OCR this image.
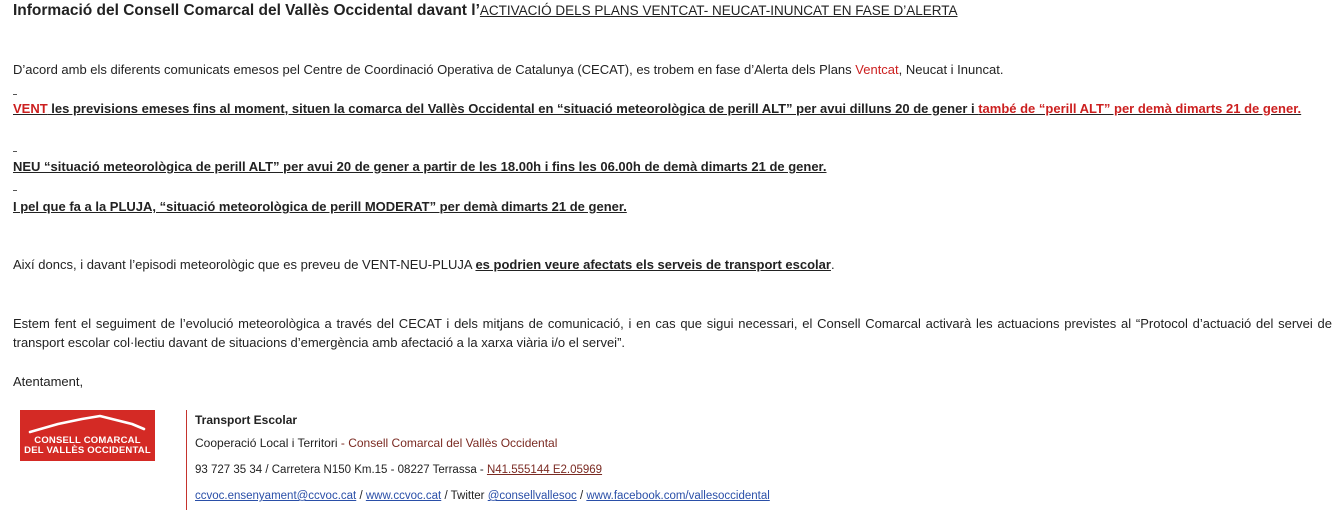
Informació del Consell Comarcal del Vallès Occidental davant l’ACTIVACIÓ DELS PLANS VENTCAT- NEUCAT-INUNCAT EN FASE D’ALERTA
D’acord amb els diferents comunicats emesos pel Centre de Coordinació Operativa de Catalunya (CECAT), es trobem en fase d’Alerta dels Plans Ventcat, Neucat i Inuncat.
VENT les previsions emeses fins al moment, situen la comarca del Vallès Occidental en “situació meteorològica de perill ALT” per avui dilluns 20 de gener i també de “perill ALT” per demà dimarts 21 de gener.
NEU “situació meteorològica de perill ALT” per avui 20 de gener a partir de les 18.00h i fins les 06.00h de demà dimarts 21 de gener.
I pel que fa a la PLUJA, “situació meteorològica de perill MODERAT” per demà dimarts 21 de gener.
Així doncs, i davant l’episodi meteorològic que es preveu de VENT-NEU-PLUJA es podrien veure afectats els serveis de transport escolar.
Estem fent el seguiment de l’evolució meteorològica a través del CECAT i dels mitjans de comunicació, i en cas que sigui necessari, el Consell Comarcal activarà les actuacions previstes al “Protocol d’actuació del servei de transport escolar col·lectiu davant de situacions d’emergència amb afectació a la xarxa viària i/o el servei”.
Atentament,
CONSELL COMARCAL
DEL VALLÈS OCCIDENTAL
Transport Escolar
Cooperació Local i Territori - Consell Comarcal del Vallès Occidental
93 727 35 34 / Carretera N150 Km.15 - 08227 Terrassa - N41.555144 E2.05969
ccvoc.ensenyament@ccvoc.cat / www.ccvoc.cat / Twitter @consellvallesoc / www.facebook.com/vallesoccidental
